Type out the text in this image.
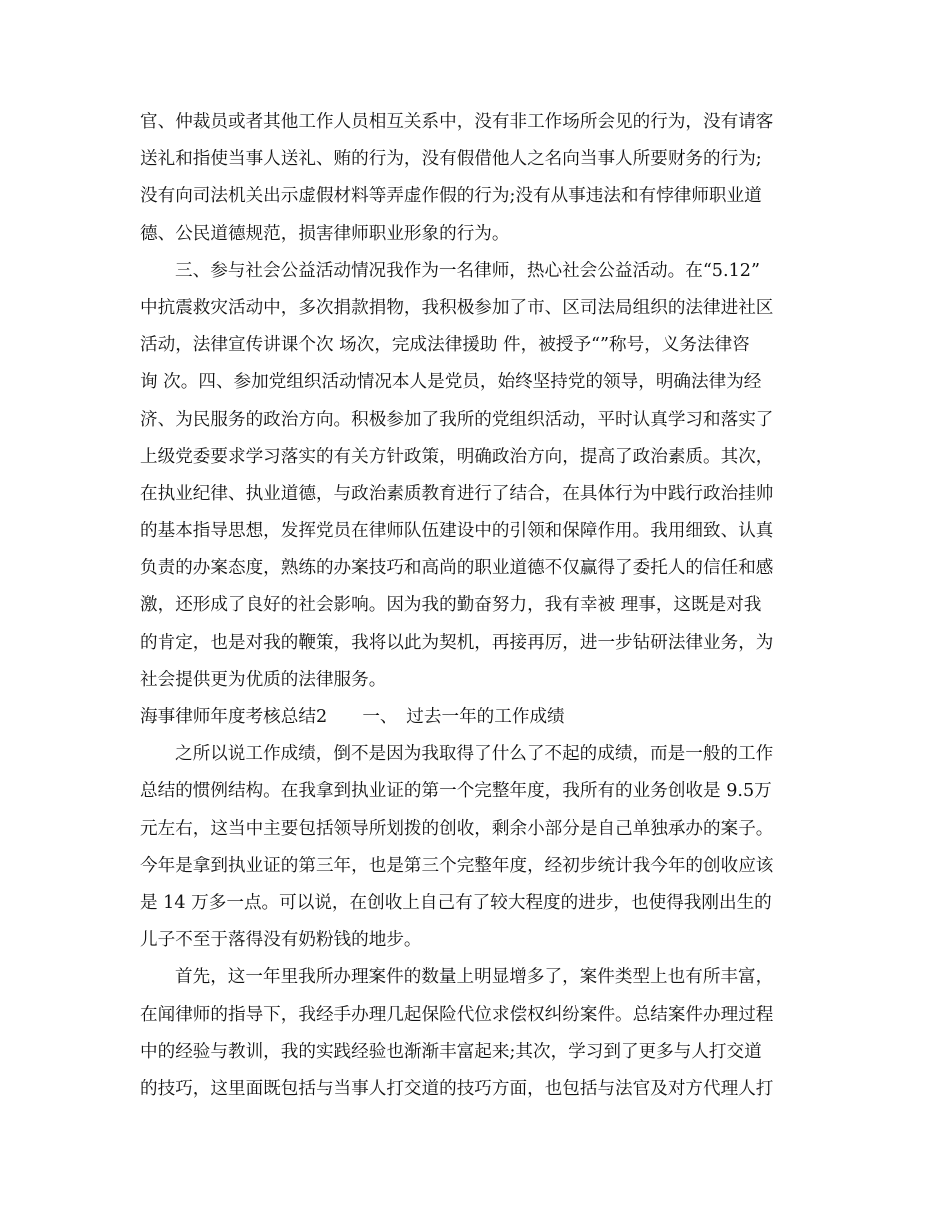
官、仲裁员或者其他工作人员相互关系中，没有非工作场所会见的行为，没有请客
送礼和指使当事人送礼、贿的行为，没有假借他人之名向当事人所要财务的行为;
没有向司法机关出示虚假材料等弄虚作假的行为;没有从事违法和有悖律师职业道
德、公民道德规范，损害律师职业形象的行为。
三、参与社会公益活动情况我作为一名律师，热心社会公益活动。在“5.12”
中抗震救灾活动中，多次捐款捐物，我积极参加了市、区司法局组织的法律进社区
活动，法律宣传讲课个次 场次，完成法律援助 件，被授予“”称号，义务法律咨
询 次。四、参加党组织活动情况本人是党员，始终坚持党的领导，明确法律为经
济、为民服务的政治方向。积极参加了我所的党组织活动，平时认真学习和落实了
上级党委要求学习落实的有关方针政策，明确政治方向，提高了政治素质。其次，
在执业纪律、执业道德，与政治素质教育进行了结合，在具体行为中践行政治挂帅
的基本指导思想，发挥党员在律师队伍建设中的引领和保障作用。我用细致、认真
负责的办案态度，熟练的办案技巧和高尚的职业道德不仅赢得了委托人的信任和感
激，还形成了良好的社会影响。因为我的勤奋努力，我有幸被 理事，这既是对我
的肯定，也是对我的鞭策，我将以此为契机，再接再厉，进一步钻研法律业务，为
社会提供更为优质的法律服务。
海事律师年度考核总结2　　一、　过去一年的工作成绩
之所以说工作成绩，倒不是因为我取得了什么了不起的成绩，而是一般的工作
总结的惯例结构。在我拿到执业证的第一个完整年度，我所有的业务创收是 9.5万
元左右，这当中主要包括领导所划拨的创收，剩余小部分是自己单独承办的案子。
今年是拿到执业证的第三年，也是第三个完整年度，经初步统计我今年的创收应该
是 14 万多一点。可以说，在创收上自己有了较大程度的进步，也使得我刚出生的
儿子不至于落得没有奶粉钱的地步。
首先，这一年里我所办理案件的数量上明显增多了，案件类型上也有所丰富，
在闻律师的指导下，我经手办理几起保险代位求偿权纠纷案件。总结案件办理过程
中的经验与教训，我的实践经验也渐渐丰富起来;其次，学习到了更多与人打交道
的技巧，这里面既包括与当事人打交道的技巧方面，也包括与法官及对方代理人打
